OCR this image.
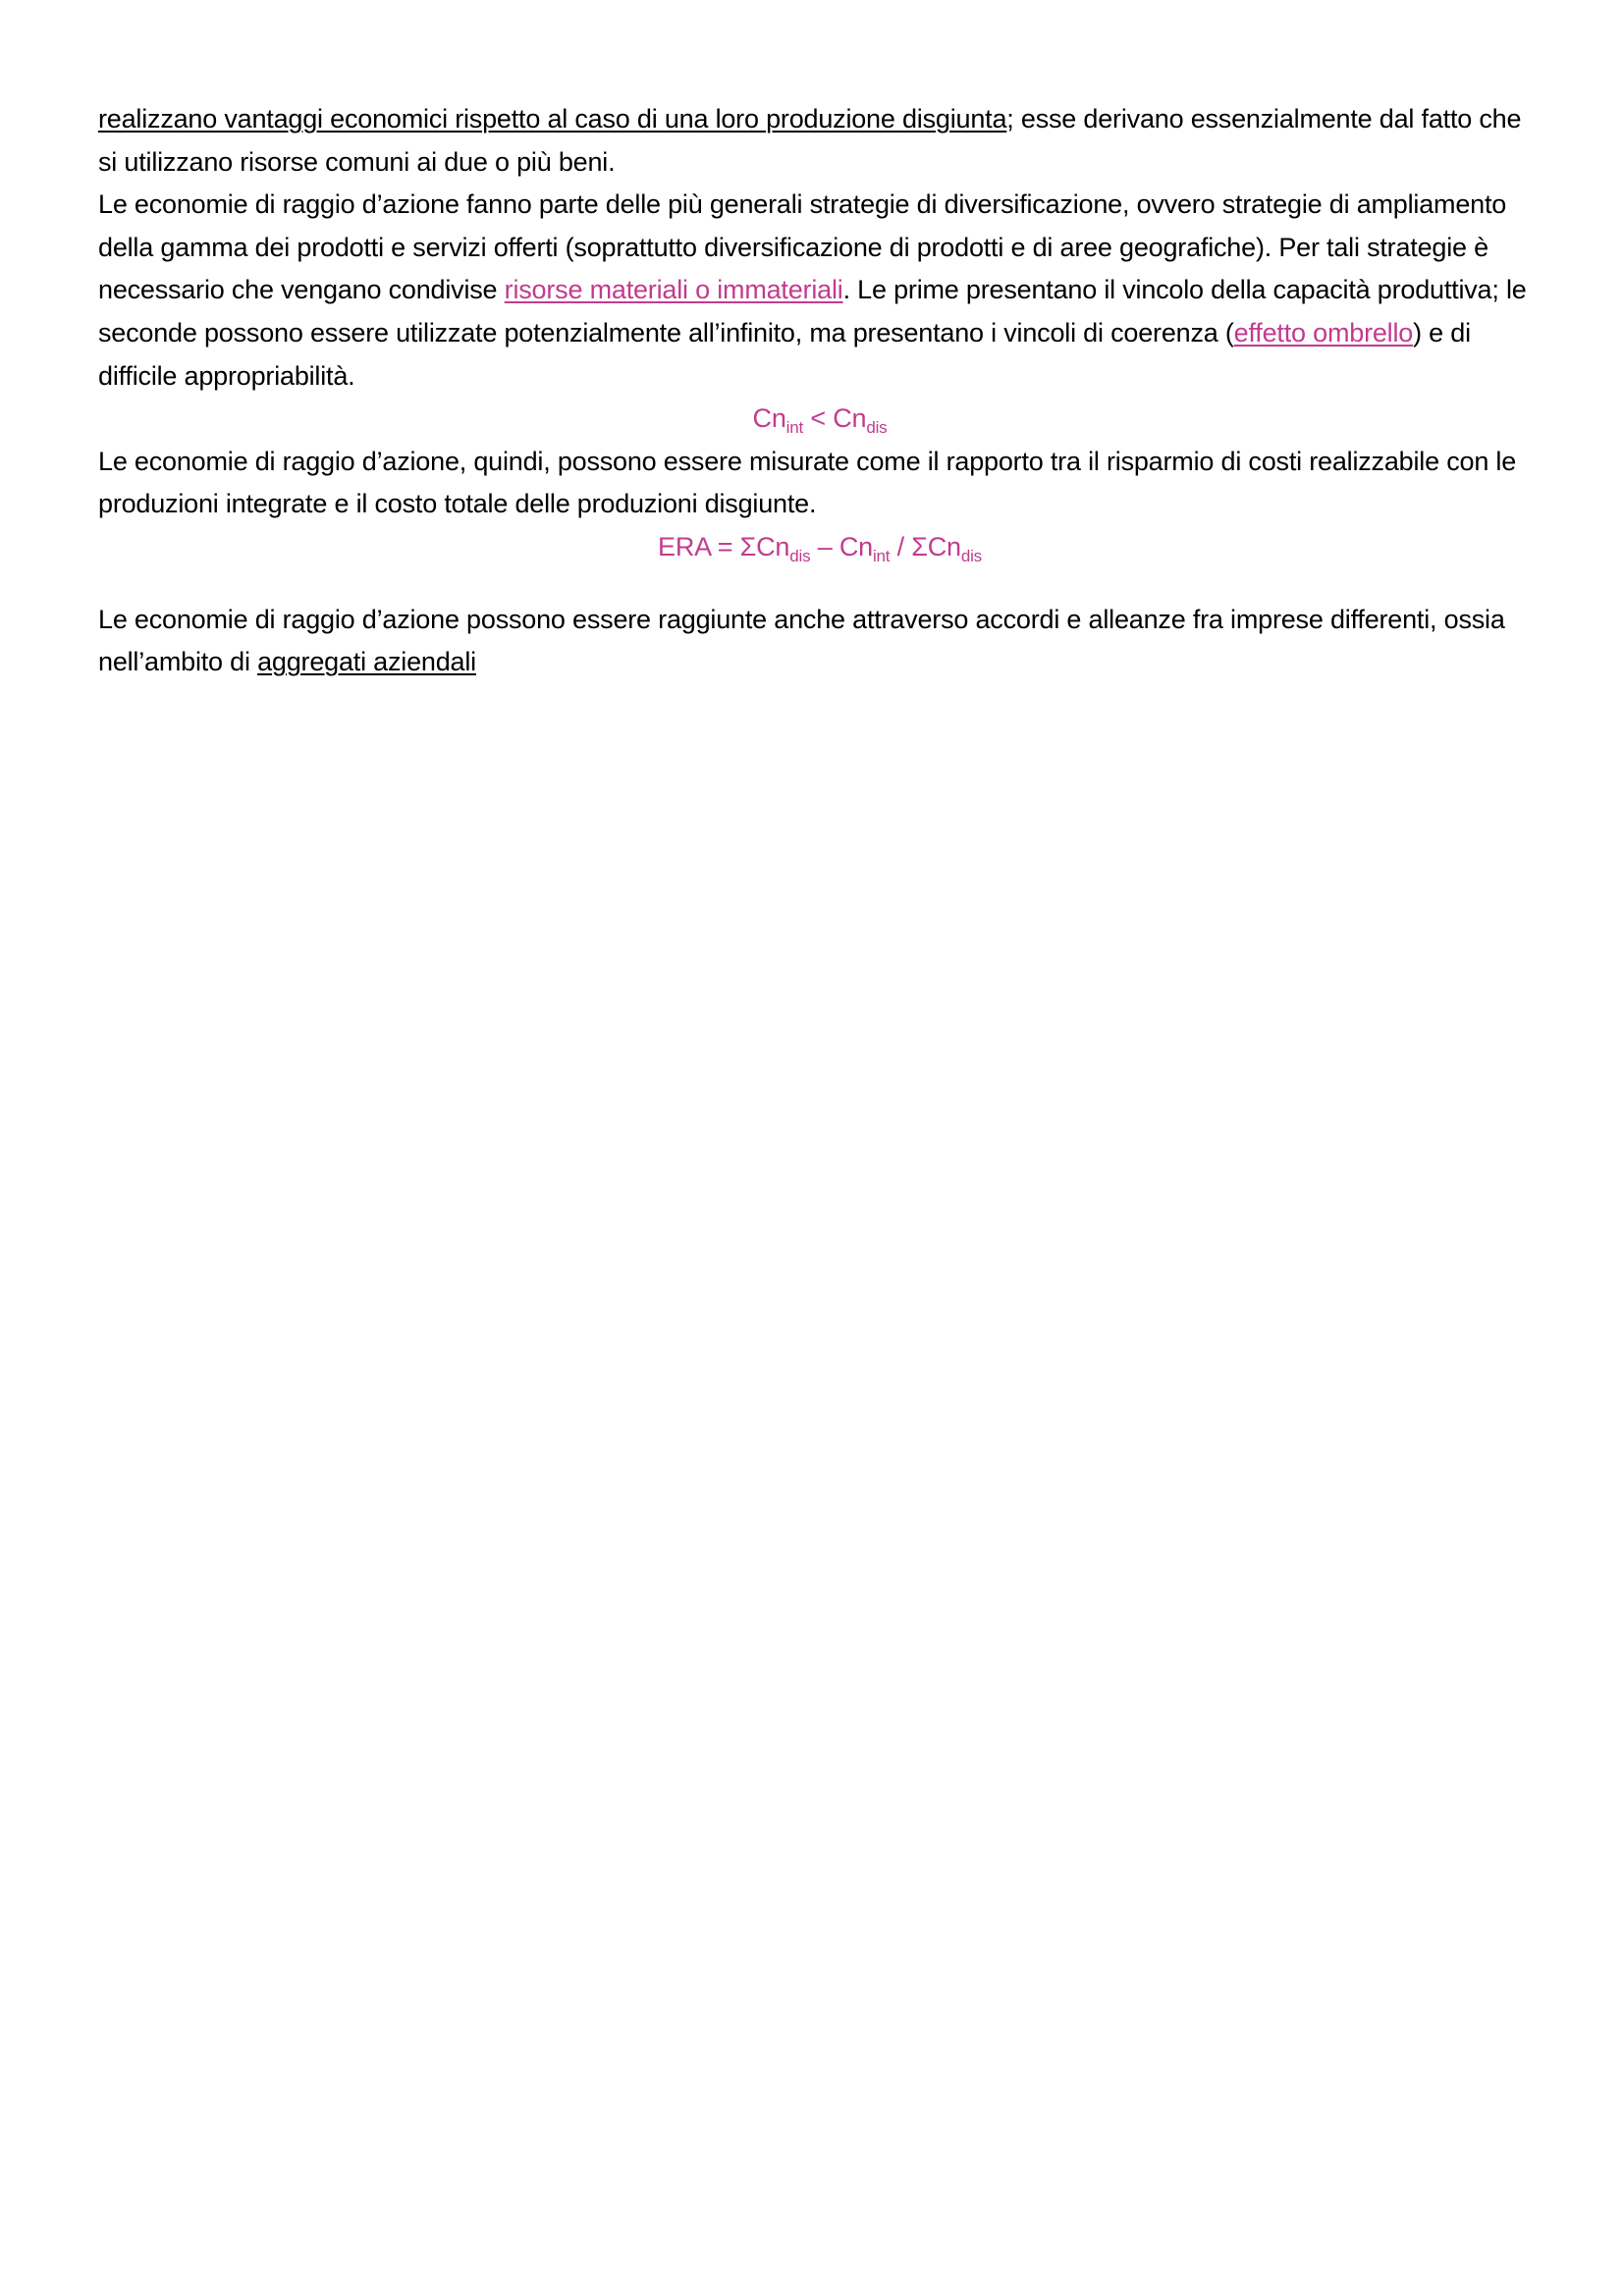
realizzano vantaggi economici rispetto al caso di una loro produzione disgiunta; esse derivano essenzialmente dal fatto che si utilizzano risorse comuni ai due o più beni.

Le economie di raggio d’azione fanno parte delle più generali strategie di diversificazione, ovvero strategie di ampliamento della gamma dei prodotti e servizi offerti (soprattutto diversificazione di prodotti e di aree geografiche). Per tali strategie è necessario che vengano condivise risorse materiali o immateriali. Le prime presentano il vincolo della capacità produttiva; le seconde possono essere utilizzate potenzialmente all’infinito, ma presentano i vincoli di coerenza (effetto ombrello) e di difficile appropriabilità.

$Cn_{int} < Cn_{dis}$

Le economie di raggio d’azione, quindi, possono essere misurate come il rapporto tra il risparmio di costi realizzabile con le produzioni integrate e il costo totale delle produzioni disgiunte.

ERA = $\Sigma Cn_{dis} - Cn_{int} / \Sigma Cn_{dis}$

Le economie di raggio d’azione possono essere raggiunte anche attraverso accordi e alleanze fra imprese differenti, ossia nell’ambito di aggregati aziendali
